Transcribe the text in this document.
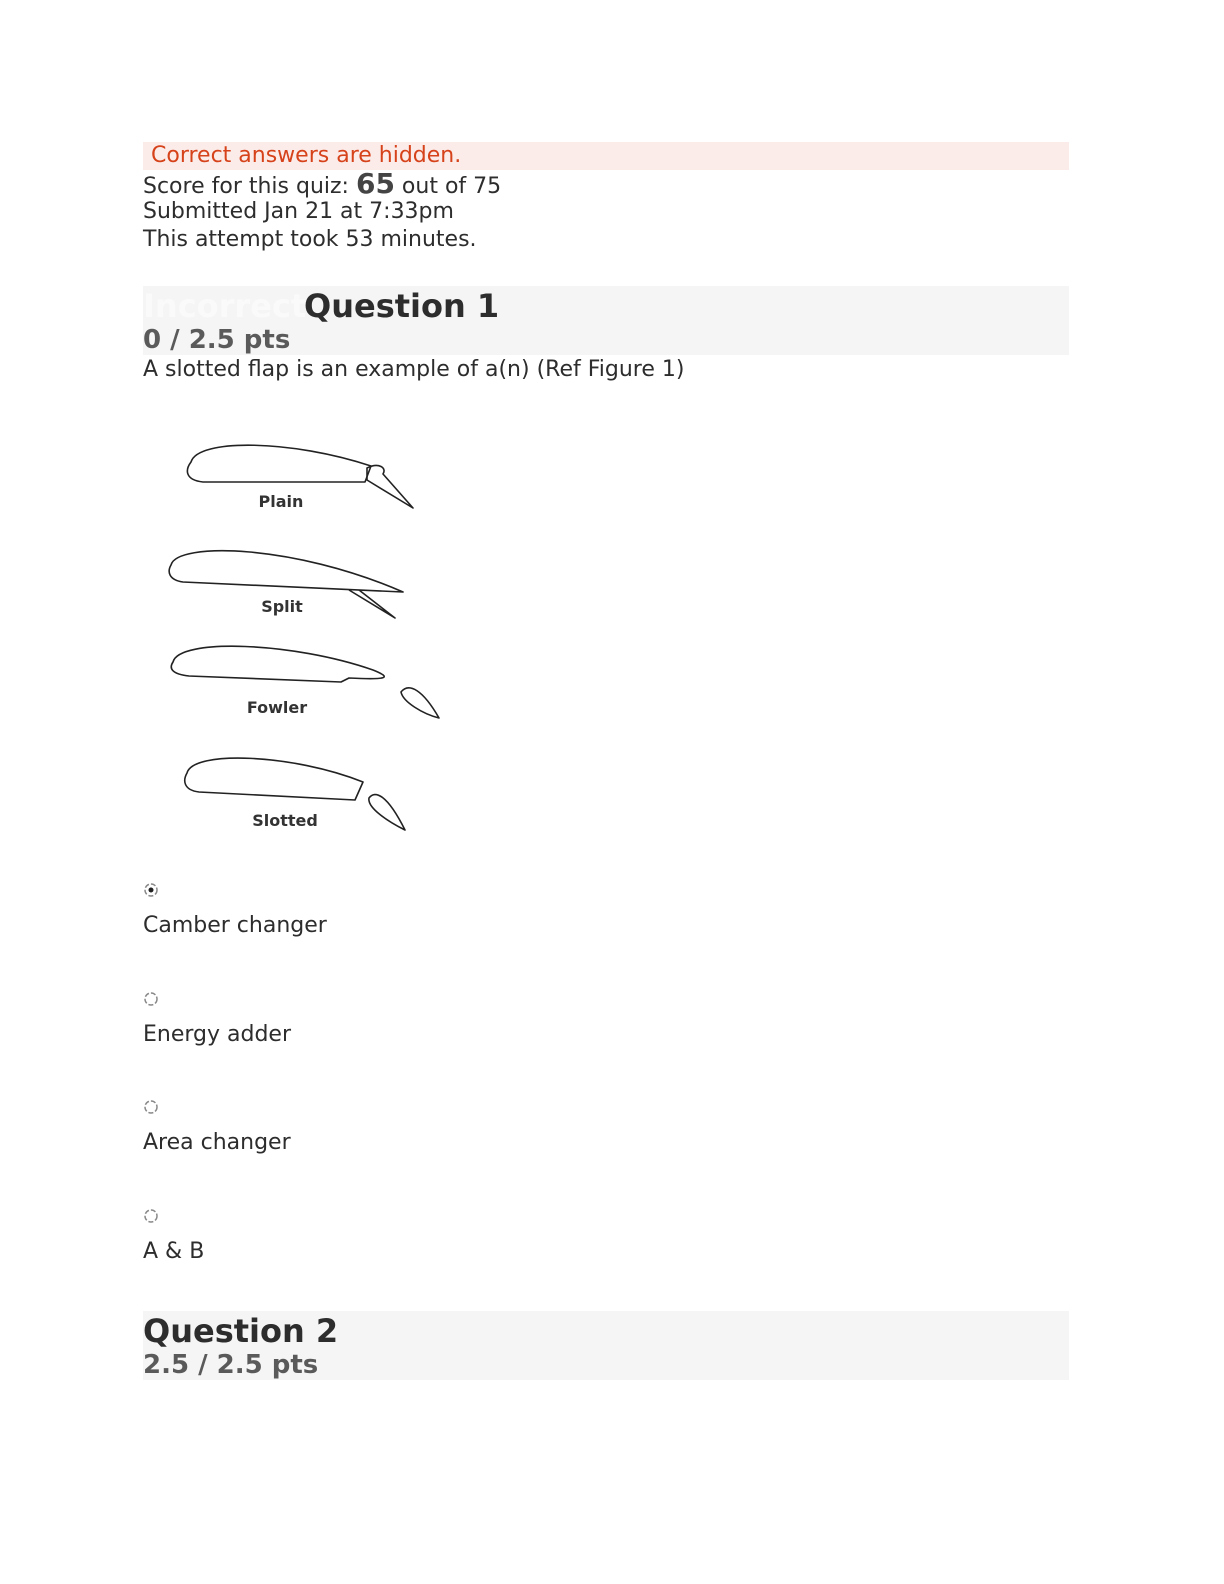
Correct answers are hidden.
Score for this quiz: 65 out of 75
Submitted Jan 21 at 7:33pm
This attempt took 53 minutes.
Incorrect
Question 1
0 / 2.5 pts
A slotted flap is an example of a(n) (Ref Figure 1)
Plain
Split
Fowler
Slotted
Camber changer
Energy adder
Area changer
A & B
Question 2
2.5 / 2.5 pts
